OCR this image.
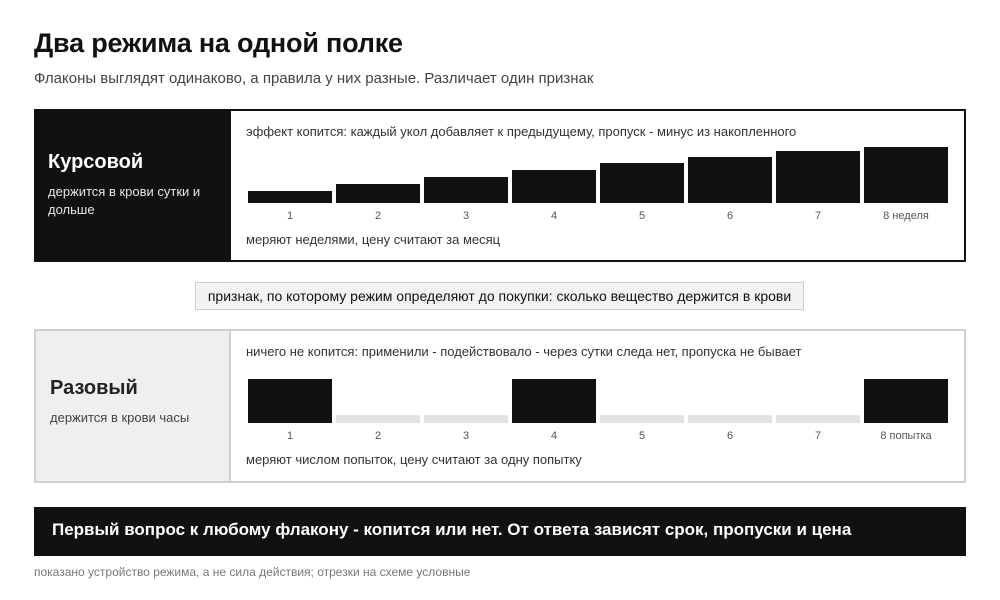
Два режима на одной полке

Флаконы выглядят одинаково, а правила у них разные. Различает один признак

Курсовой
держится в крови сутки и дольше
эффект копится: каждый укол добавляет к предыдущему, пропуск - минус из накопленного
1	2	3	4	5	6	7	8 неделя
меряют неделями, цену считают за месяц
признак, по которому режим определяют до покупки: сколько вещество держится в крови
Разовый
держится в крови часы
ничего не копится: применили - подействовало - через сутки следа нет, пропуска не бывает
1	2	3	4	5	6	7	8 попытка
меряют числом попыток, цену считают за одну попытку
Первый вопрос к любому флакону - копится или нет. От ответа зависят срок, пропуски и цена
показано устройство режима, а не сила действия; отрезки на схеме условные
